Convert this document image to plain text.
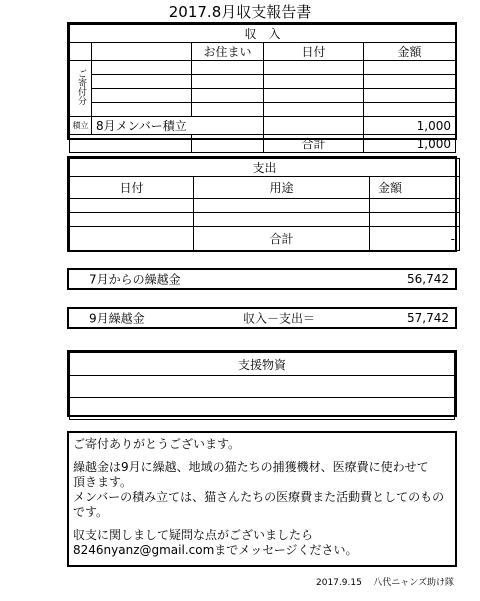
2017.8月収支報告書
収　入				
		お住まい	日付	金額
ご寄付分				

積立	8月メンバー積立			1,000
			合計	1,000
支出		
日付	用途	金額

	合計	-
7月からの繰越金	56,742
9月繰越金	収入－支出＝	57,742
支援物資

ご寄付ありがとうございます。

繰越金は9月に繰越、地域の猫たちの捕獲機材、医療費に使わせて

頂きます。

メンバーの積み立ては、猫さんたちの医療費また活動費としてのもの

です。

収支に関しまして疑問な点がございましたら

8246nyanz@gmail.comまでメッセージください。

2017.9.15 八代ニャンズ助け隊
